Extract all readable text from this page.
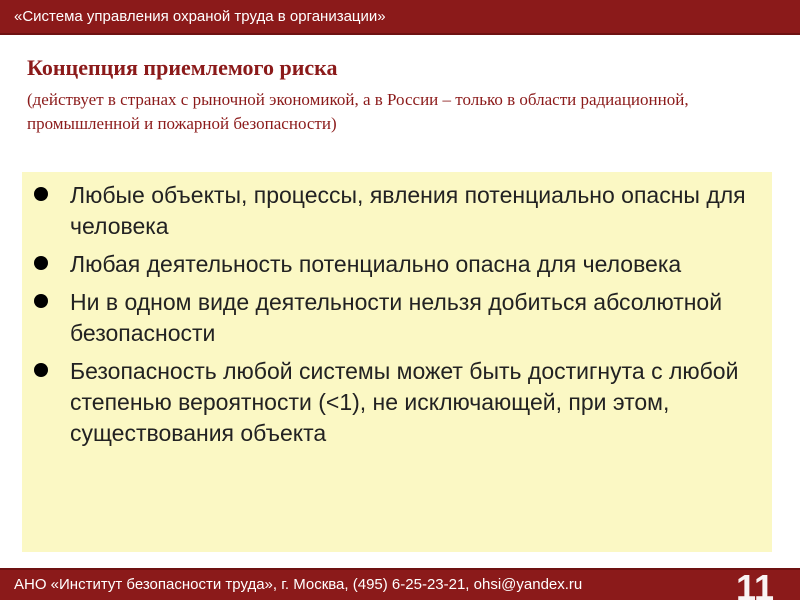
«Система управления охраной труда в организации»
Концепция приемлемого риска
(действует в странах с рыночной экономикой, а в России – только в области радиационной, промышленной и пожарной безопасности)
Любые объекты, процессы, явления потенциально опасны для человека
Любая деятельность потенциально опасна для человека
Ни в одном виде деятельности нельзя добиться абсолютной безопасности
Безопасность любой системы может быть достигнута с любой степенью вероятности (<1), не исключающей, при этом, существования объекта
АНО «Институт безопасности труда», г. Москва, (495) 6-25-23-21, ohsi@yandex.ru	11
